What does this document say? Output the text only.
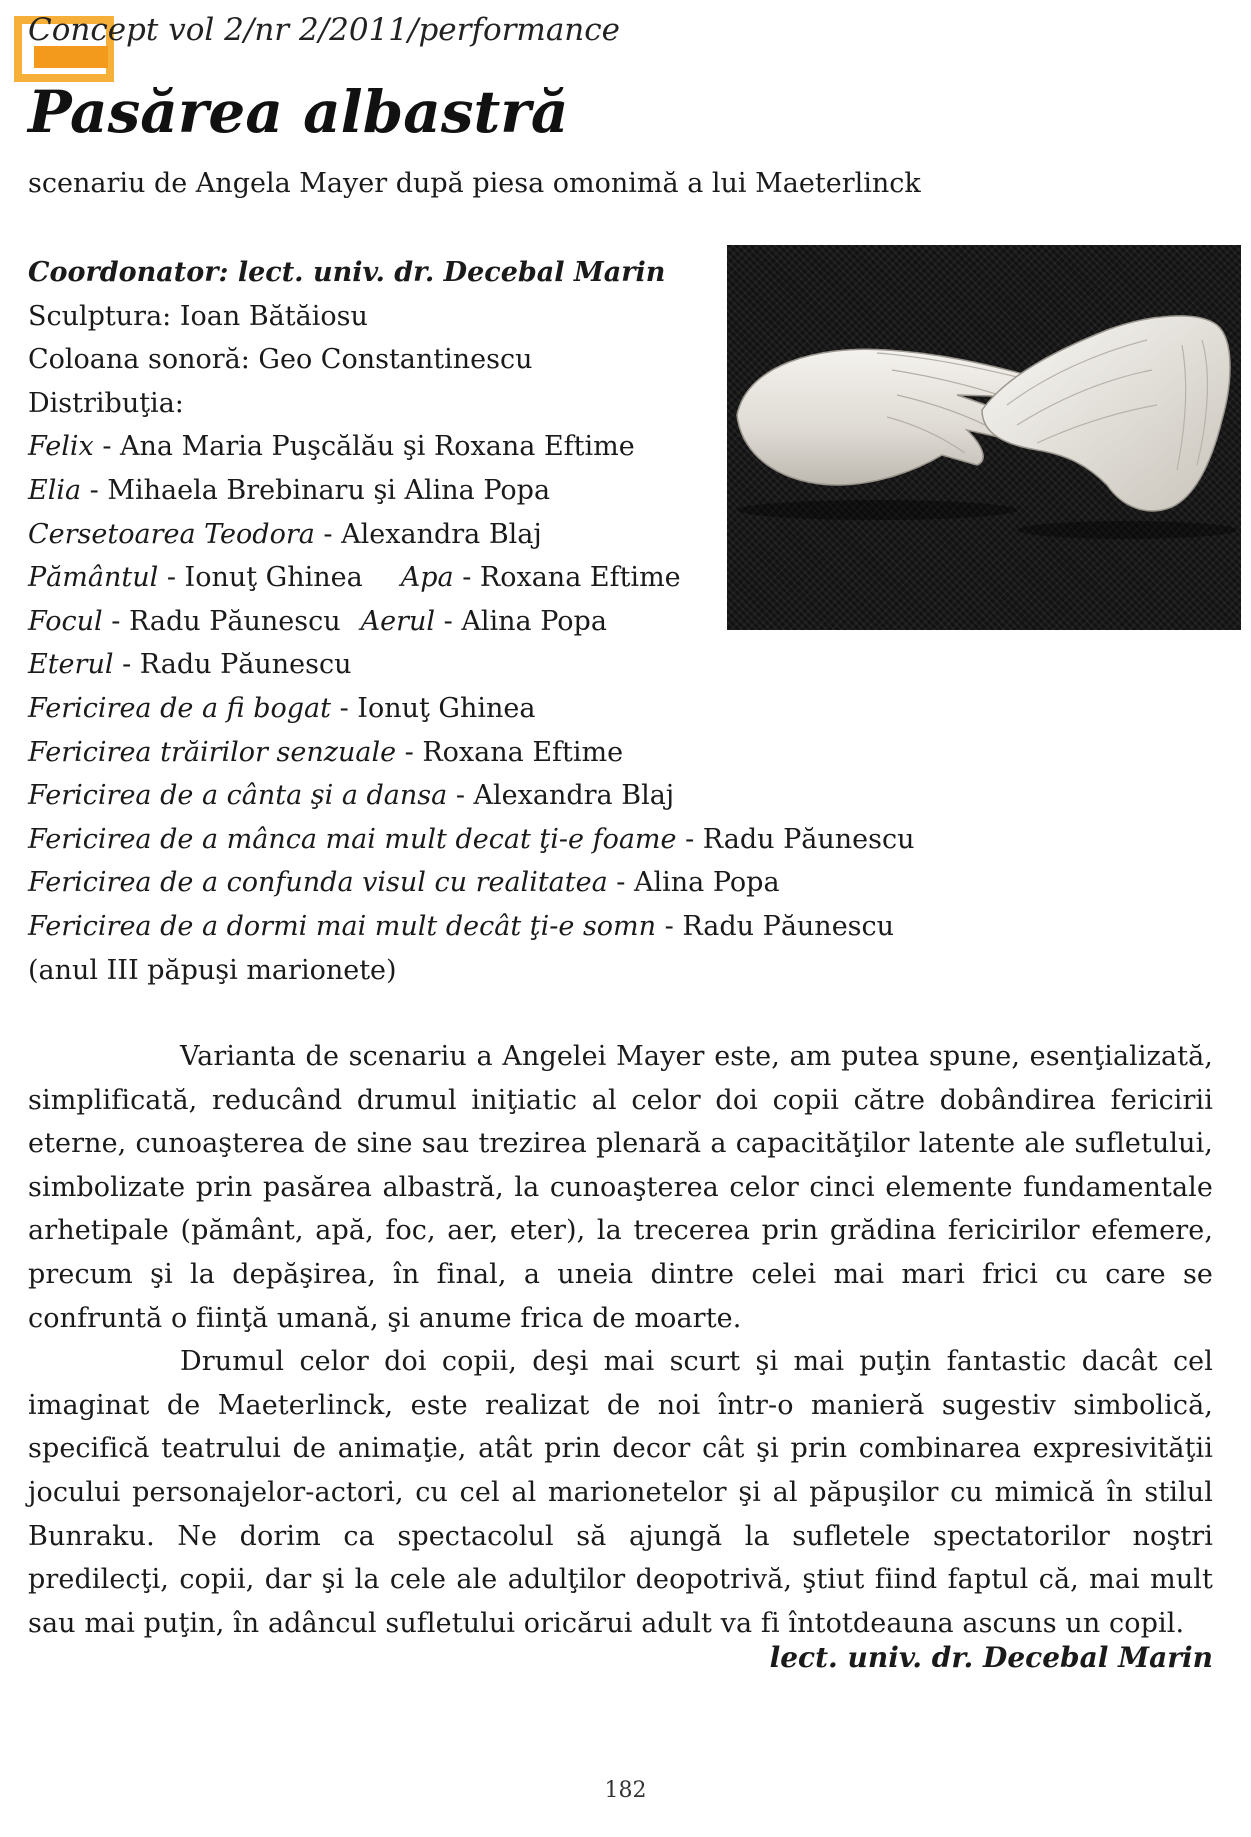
Concept vol 2/nr 2/2011/performance
Pasărea albastră
scenariu de Angela Mayer după piesa omonimă a lui Maeterlinck
Coordonator: lect. univ. dr. Decebal Marin
Sculptura: Ioan Bătăiosu
Coloana sonoră: Geo Constantinescu
Distribuţia:
Felix - Ana Maria Puşcălău şi Roxana Eftime
Elia - Mihaela Brebinaru şi Alina Popa
Cersetoarea Teodora - Alexandra Blaj
Pământul - Ionuţ Ghinea Apa - Roxana Eftime
Focul - Radu Păunescu Aerul - Alina Popa
Eterul - Radu Păunescu
Fericirea de a fi bogat - Ionuţ Ghinea
Fericirea trăirilor senzuale - Roxana Eftime
Fericirea de a cânta şi a dansa - Alexandra Blaj
Fericirea de a mânca mai mult decat ţi-e foame - Radu Păunescu
Fericirea de a confunda visul cu realitatea - Alina Popa
Fericirea de a dormi mai mult decât ţi-e somn - Radu Păunescu
(anul III păpuşi marionete)

Varianta de scenariu a Angelei Mayer este, am putea spune, esenţializată, simplificată, reducând drumul iniţiatic al celor doi copii către dobândirea fericirii eterne, cunoaşterea de sine sau trezirea plenară a capacităţilor latente ale sufletului, simbolizate prin pasărea albastră, la cunoaşterea celor cinci elemente fundamentale arhetipale (pământ, apă, foc, aer, eter), la trecerea prin grădina fericirilor efemere, precum şi la depăşirea, în final, a uneia dintre celei mai mari frici cu care se confruntă o fiinţă umană, şi anume frica de moarte.

Drumul celor doi copii, deşi mai scurt şi mai puţin fantastic dacât cel imaginat de Maeterlinck, este realizat de noi într-o manieră sugestiv simbolică, specifică teatrului de animaţie, atât prin decor cât şi prin combinarea expresivităţii jocului personajelor-actori, cu cel al marionetelor şi al păpuşilor cu mimică în stilul Bunraku. Ne dorim ca spectacolul să ajungă la sufletele spectatorilor noştri predilecţi, copii, dar şi la cele ale adulţilor deopotrivă, ştiut fiind faptul că, mai mult sau mai puţin, în adâncul sufletului oricărui adult va fi întotdeauna ascuns un copil.

lect. univ. dr. Decebal Marin
182
